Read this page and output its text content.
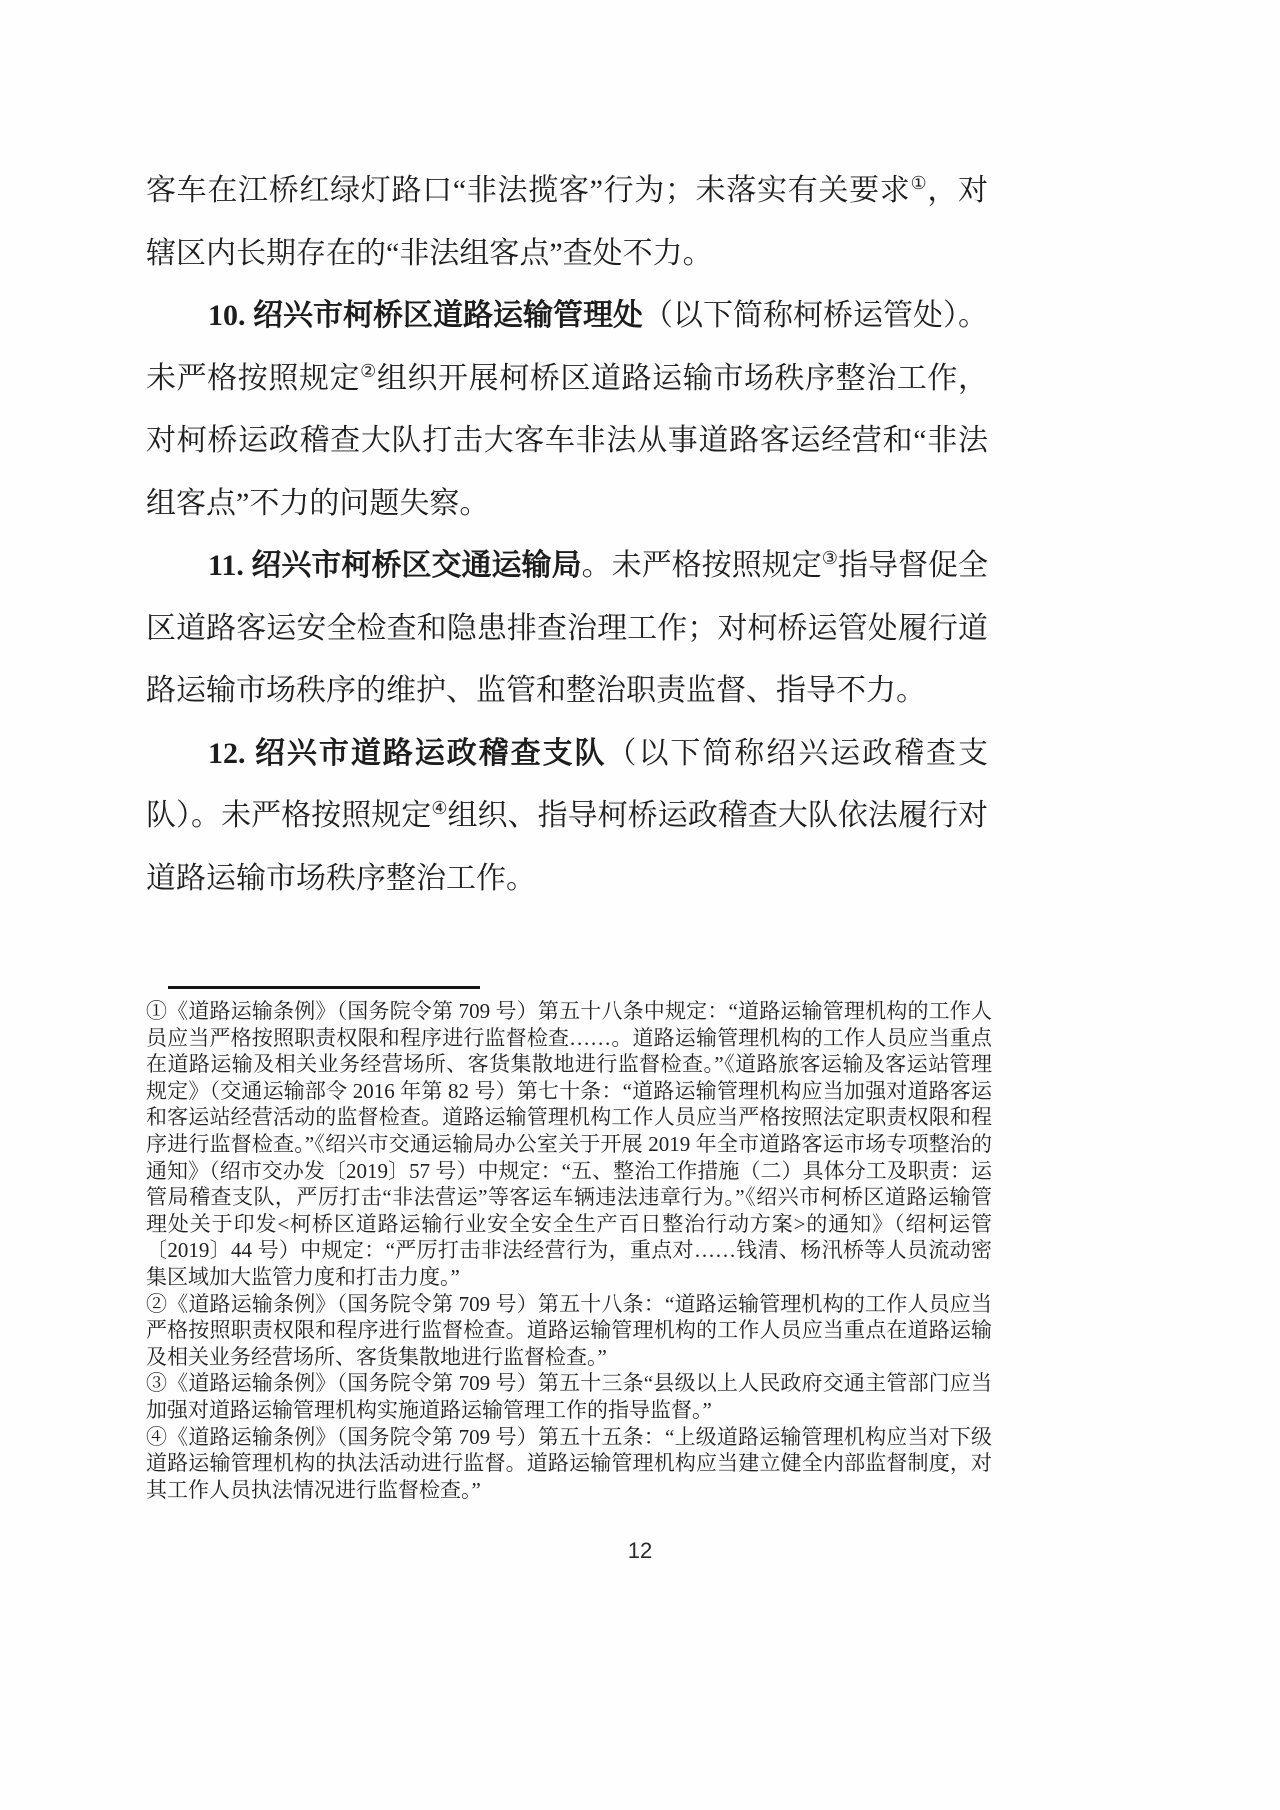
客车在江桥红绿灯路口“非法揽客”行为；未落实有关要求①，对辖区内长期存在的“非法组客点”查处不力。

10. 绍兴市柯桥区道路运输管理处（以下简称柯桥运管处）。未严格按照规定②组织开展柯桥区道路运输市场秩序整治工作，对柯桥运政稽查大队打击大客车非法从事道路客运经营和“非法组客点”不力的问题失察。

11. 绍兴市柯桥区交通运输局。未严格按照规定③指导督促全区道路客运安全检查和隐患排查治理工作；对柯桥运管处履行道路运输市场秩序的维护、监管和整治职责监督、指导不力。

12. 绍兴市道路运政稽查支队（以下简称绍兴运政稽查支队）。未严格按照规定④组织、指导柯桥运政稽查大队依法履行对道路运输市场秩序整治工作。

①《道路运输条例》（国务院令第 709 号）第五十八条中规定：“道路运输管理机构的工作人员应当严格按照职责权限和程序进行监督检查……。道路运输管理机构的工作人员应当重点在道路运输及相关业务经营场所、客货集散地进行监督检查。”《道路旅客运输及客运站管理规定》（交通运输部令 2016 年第 82 号）第七十条：“道路运输管理机构应当加强对道路客运和客运站经营活动的监督检查。道路运输管理机构工作人员应当严格按照法定职责权限和程序进行监督检查。”《绍兴市交通运输局办公室关于开展 2019 年全市道路客运市场专项整治的通知》（绍市交办发〔2019〕57 号）中规定：“五、整治工作措施（二）具体分工及职责：运管局稽查支队，严厉打击“非法营运”等客运车辆违法违章行为。”《绍兴市柯桥区道路运输管理处关于印发<柯桥区道路运输行业安全安全生产百日整治行动方案>的通知》（绍柯运管〔2019〕44 号）中规定：“严厉打击非法经营行为，重点对……钱清、杨汛桥等人员流动密集区域加大监管力度和打击力度。”

②《道路运输条例》（国务院令第 709 号）第五十八条：“道路运输管理机构的工作人员应当严格按照职责权限和程序进行监督检查。道路运输管理机构的工作人员应当重点在道路运输及相关业务经营场所、客货集散地进行监督检查。”

③《道路运输条例》（国务院令第 709 号）第五十三条“县级以上人民政府交通主管部门应当加强对道路运输管理机构实施道路运输管理工作的指导监督。”

④《道路运输条例》（国务院令第 709 号）第五十五条：“上级道路运输管理机构应当对下级道路运输管理机构的执法活动进行监督。道路运输管理机构应当建立健全内部监督制度，对其工作人员执法情况进行监督检查。”

12
